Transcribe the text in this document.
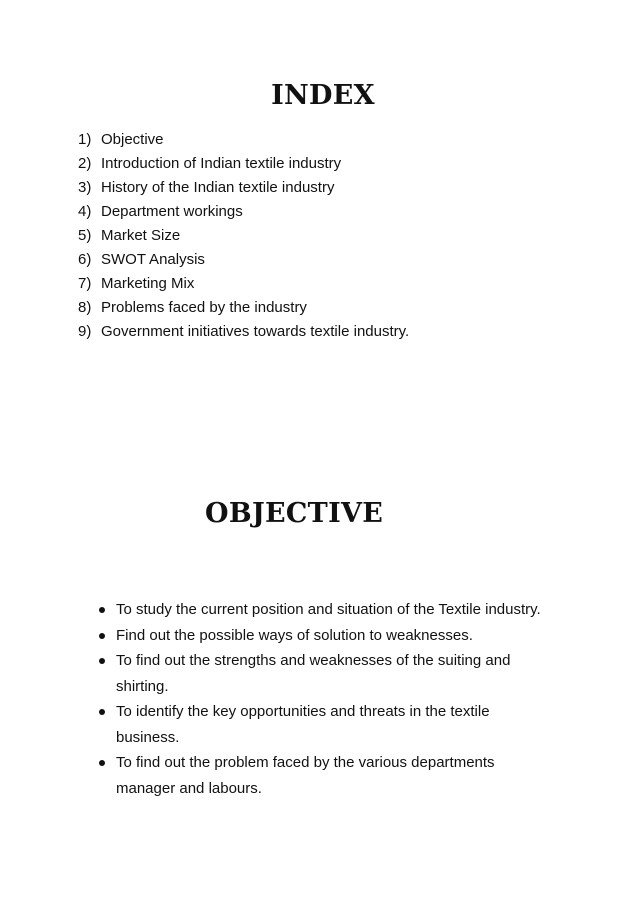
INDEX
1) Objective
2) Introduction of Indian textile industry
3) History of the Indian textile industry
4) Department workings
5) Market Size
6) SWOT Analysis
7) Marketing Mix
8) Problems faced by the industry
9) Government initiatives towards textile industry.
OBJECTIVE
To study the current position and situation of the Textile industry.
Find out the possible ways of solution to weaknesses.
To find out the strengths and weaknesses of the suiting and shirting.
To identify the key opportunities and threats in the textile business.
To find out the problem faced by the various departments manager and labours.
